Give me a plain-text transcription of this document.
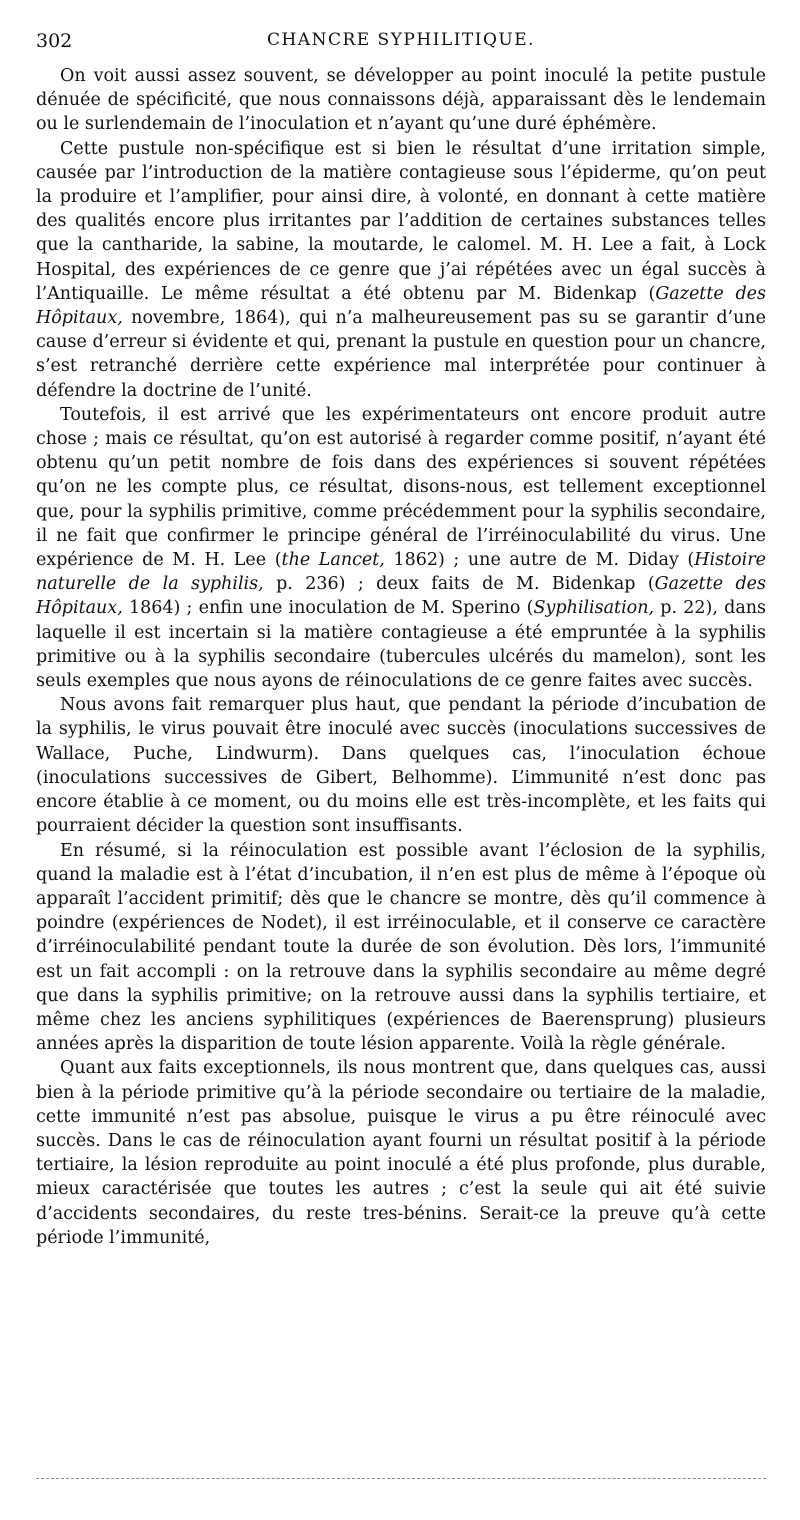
302	CHANCRE SYPHILITIQUE.

On voit aussi assez souvent, se développer au point inoculé la petite pustule dénuée de spécificité, que nous connaissons déjà, apparaissant dès le lendemain ou le surlendemain de l’inoculation et n’ayant qu’une duré éphémère.

Cette pustule non-spécifique est si bien le résultat d’une irritation simple, causée par l’introduction de la matière contagieuse sous l’épiderme, qu’on peut la produire et l’amplifier, pour ainsi dire, à volonté, en donnant à cette matière des qualités encore plus irritantes par l’addition de certaines substances telles que la cantharide, la sabine, la moutarde, le calomel. M. H. Lee a fait, à Lock Hospital, des expériences de ce genre que j’ai répétées avec un égal succès à l’Antiquaille. Le même résultat a été obtenu par M. Bidenkap (Gazette des Hôpitaux, novembre, 1864), qui n’a malheureusement pas su se garantir d’une cause d’erreur si évidente et qui, prenant la pustule en question pour un chancre, s’est retranché derrière cette expérience mal interprétée pour continuer à défendre la doctrine de l’unité.

Toutefois, il est arrivé que les expérimentateurs ont encore produit autre chose ; mais ce résultat, qu’on est autorisé à regarder comme positif, n’ayant été obtenu qu’un petit nombre de fois dans des expériences si souvent répétées qu’on ne les compte plus, ce résultat, disons-nous, est tellement exceptionnel que, pour la syphilis primitive, comme précédemment pour la syphilis secondaire, il ne fait que confirmer le principe général de l’irréinoculabilité du virus. Une expérience de M. H. Lee (the Lancet, 1862) ; une autre de M. Diday (Histoire naturelle de la syphilis, p. 236) ; deux faits de M. Bidenkap (Gazette des Hôpitaux, 1864) ; enfin une inoculation de M. Sperino (Syphilisation, p. 22), dans laquelle il est incertain si la matière contagieuse a été empruntée à la syphilis primitive ou à la syphilis secondaire (tubercules ulcérés du mamelon), sont les seuls exemples que nous ayons de réinoculations de ce genre faites avec succès.

Nous avons fait remarquer plus haut, que pendant la période d’incubation de la syphilis, le virus pouvait être inoculé avec succès (inoculations successives de Wallace, Puche, Lindwurm). Dans quelques cas, l’inoculation échoue (inoculations successives de Gibert, Belhomme). L’immunité n’est donc pas encore établie à ce moment, ou du moins elle est très-incomplète, et les faits qui pourraient décider la question sont insuffisants.

En résumé, si la réinoculation est possible avant l’éclosion de la syphilis, quand la maladie est à l’état d’incubation, il n’en est plus de même à l’époque où apparaît l’accident primitif; dès que le chancre se montre, dès qu’il commence à poindre (expériences de Nodet), il est irréinoculable, et il conserve ce caractère d’irréinoculabilité pendant toute la durée de son évolution. Dès lors, l’immunité est un fait accompli : on la retrouve dans la syphilis secondaire au même degré que dans la syphilis primitive; on la retrouve aussi dans la syphilis tertiaire, et même chez les anciens syphilitiques (expériences de Baerensprung) plusieurs années après la disparition de toute lésion apparente. Voilà la règle générale.

Quant aux faits exceptionnels, ils nous montrent que, dans quelques cas, aussi bien à la période primitive qu’à la période secondaire ou tertiaire de la maladie, cette immunité n’est pas absolue, puisque le virus a pu être réinoculé avec succès. Dans le cas de réinoculation ayant fourni un résultat positif à la période tertiaire, la lésion reproduite au point inoculé a été plus profonde, plus durable, mieux caractérisée que toutes les autres ; c’est la seule qui ait été suivie d’accidents secondaires, du reste tres-bénins. Serait-ce la preuve qu’à cette période l’immunité,
